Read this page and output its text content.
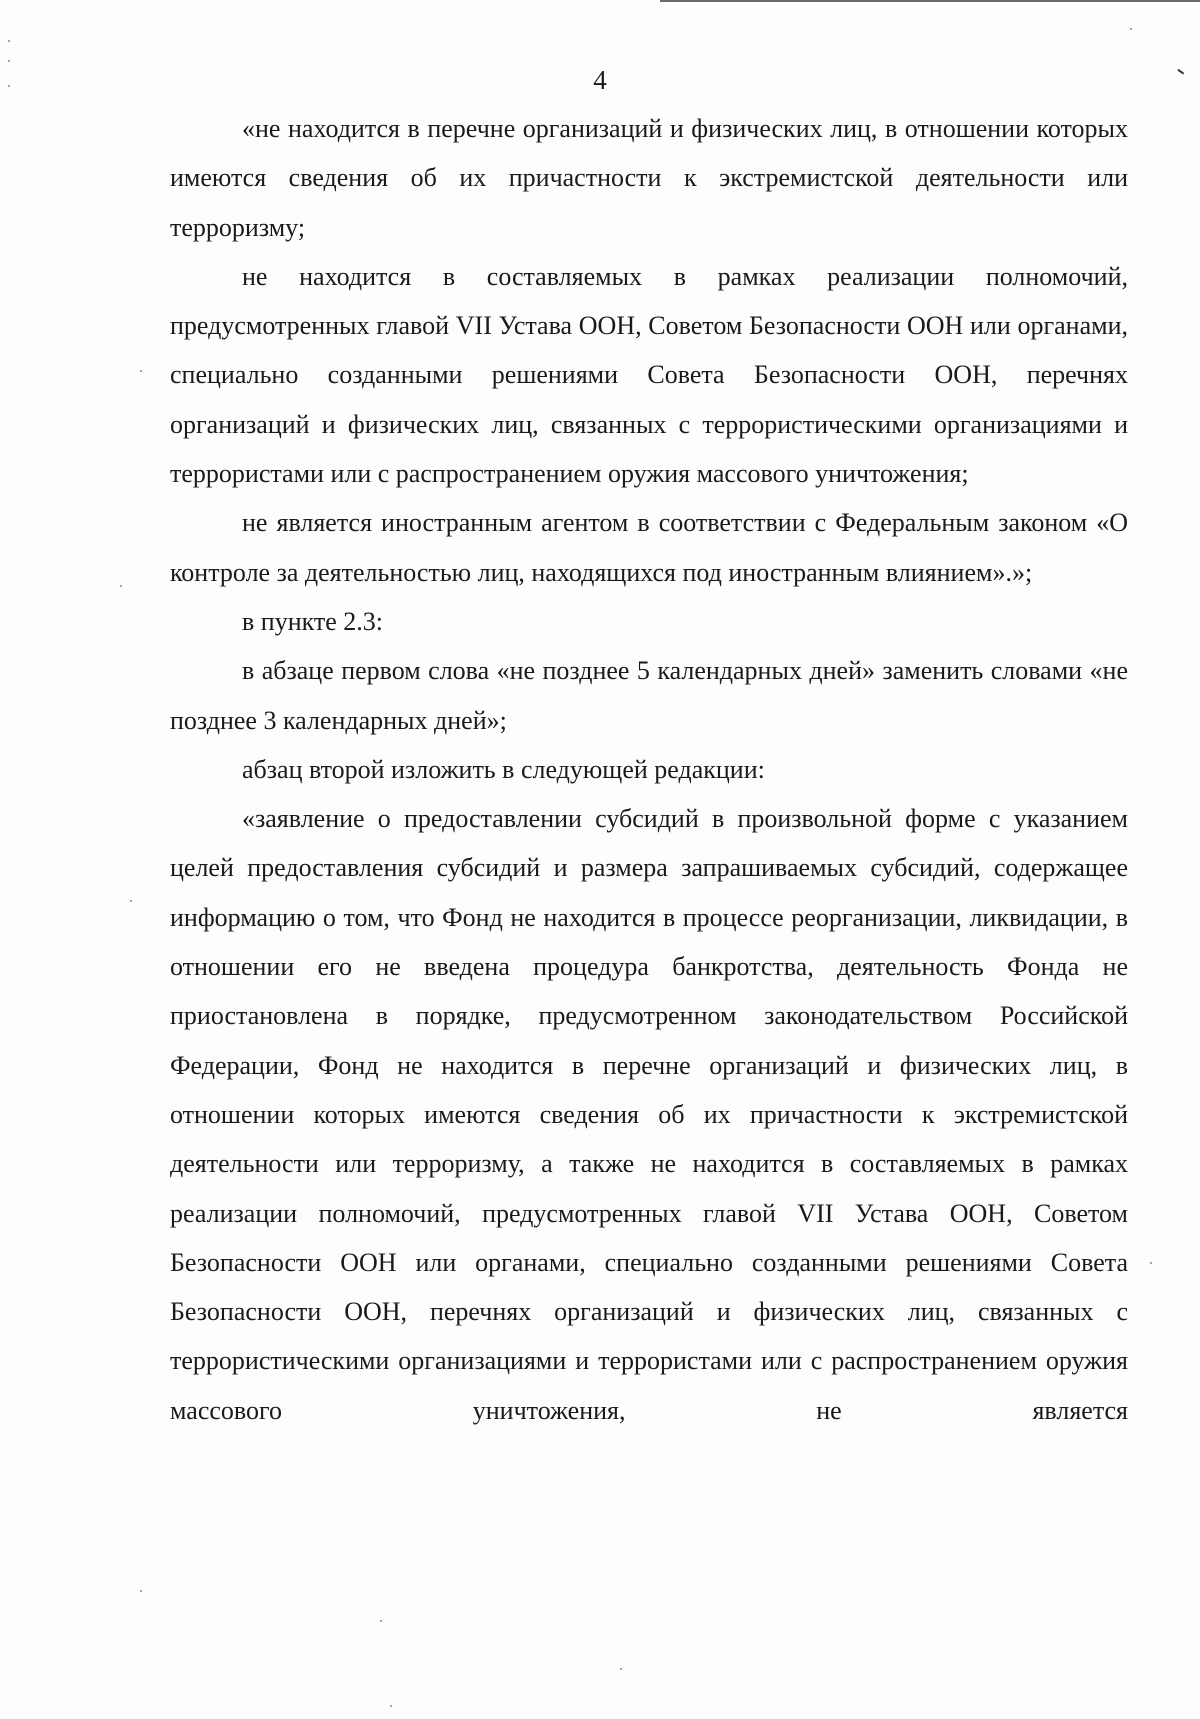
4

«не находится в перечне организаций и физических лиц, в отношении которых имеются сведения об их причастности к экстремистской деятельности или терроризму;

не находится в составляемых в рамках реализации полномочий, предусмотренных главой VII Устава ООН, Советом Безопасности ООН или органами, специально созданными решениями Совета Безопасности ООН, перечнях организаций и физических лиц, связанных с террористическими организациями и террористами или с распространением оружия массового уничтожения;

не является иностранным агентом в соответствии с Федеральным законом «О контроле за деятельностью лиц, находящихся под иностранным влиянием».»;

в пункте 2.3:

в абзаце первом слова «не позднее 5 календарных дней» заменить словами «не позднее 3 календарных дней»;

абзац второй изложить в следующей редакции:

«заявление о предоставлении субсидий в произвольной форме с указанием целей предоставления субсидий и размера запрашиваемых субсидий, содержащее информацию о том, что Фонд не находится в процессе реорганизации, ликвидации, в отношении его не введена процедура банкротства, деятельность Фонда не приостановлена в порядке, предусмотренном законодательством Российской Федерации, Фонд не находится в перечне организаций и физических лиц, в отношении которых имеются сведения об их причастности к экстремистской деятельности или терроризму, а также не находится в составляемых в рамках реализации полномочий, предусмотренных главой VII Устава ООН, Советом Безопасности ООН или органами, специально созданными решениями Совета Безопасности ООН, перечнях организаций и физических лиц, связанных с террористическими организациями и террористами или с распространением оружия массового уничтожения, не является
